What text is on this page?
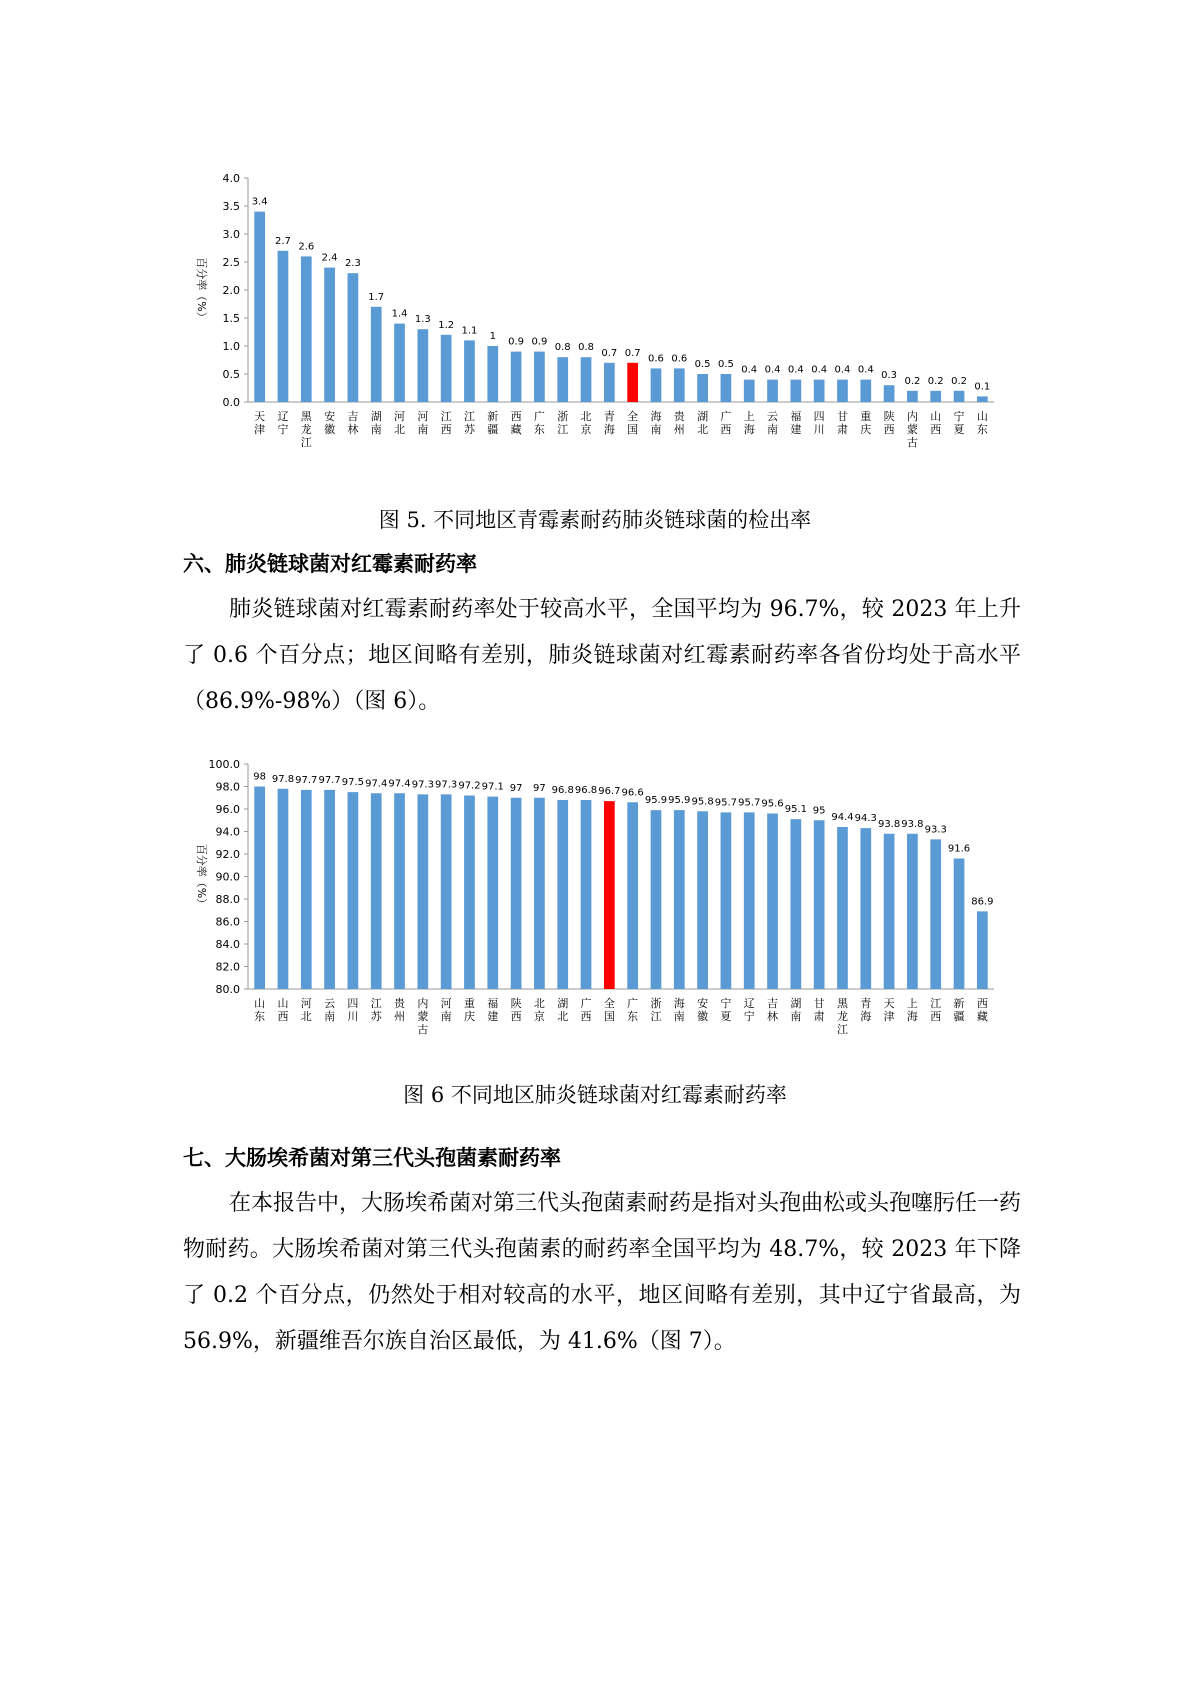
0.0
0.5
1.0
1.5
2.0
2.5
3.0
3.5
4.0
百分率（%）
3.4
天津
2.7
辽宁
2.6
黑龙江
2.4
安徽
2.3
吉林
1.7
湖南
1.4
河北
1.3
河南
1.2
江西
1.1
江苏
1
新疆
0.9
西藏
0.9
广东
0.8
浙江
0.8
北京
0.7
青海
0.7
全国
0.6
海南
0.6
贵州
0.5
湖北
0.5
广西
0.4
上海
0.4
云南
0.4
福建
0.4
四川
0.4
甘肃
0.4
重庆
0.3
陕西
0.2
内蒙古
0.2
山西
0.2
宁夏
0.1
山东
图 5. 不同地区青霉素耐药肺炎链球菌的检出率
六、肺炎链球菌对红霉素耐药率
肺炎链球菌对红霉素耐药率处于较高水平，全国平均为 96.7%，较 2023 年上升了 0.6 个百分点；地区间略有差别，肺炎链球菌对红霉素耐药率各省份均处于高水平（86.9%-98%）（图 6）。
80.0
82.0
84.0
86.0
88.0
90.0
92.0
94.0
96.0
98.0
100.0
百分率（%）
98
山东
97.8
山西
97.7
河北
97.7
云南
97.5
四川
97.4
江苏
97.4
贵州
97.3
内蒙古
97.3
河南
97.2
重庆
97.1
福建
97
陕西
97
北京
96.8
湖北
96.8
广西
96.7
全国
96.6
广东
95.9
浙江
95.9
海南
95.8
安徽
95.7
宁夏
95.7
辽宁
95.6
吉林
95.1
湖南
95
甘肃
94.4
黑龙江
94.3
青海
93.8
天津
93.8
上海
93.3
江西
91.6
新疆
86.9
西藏
图 6 不同地区肺炎链球菌对红霉素耐药率
七、大肠埃希菌对第三代头孢菌素耐药率
在本报告中，大肠埃希菌对第三代头孢菌素耐药是指对头孢曲松或头孢噻肟任一药物耐药。大肠埃希菌对第三代头孢菌素的耐药率全国平均为 48.7%，较 2023 年下降了 0.2 个百分点，仍然处于相对较高的水平，地区间略有差别，其中辽宁省最高，为 56.9%，新疆维吾尔族自治区最低，为 41.6%（图 7）。
